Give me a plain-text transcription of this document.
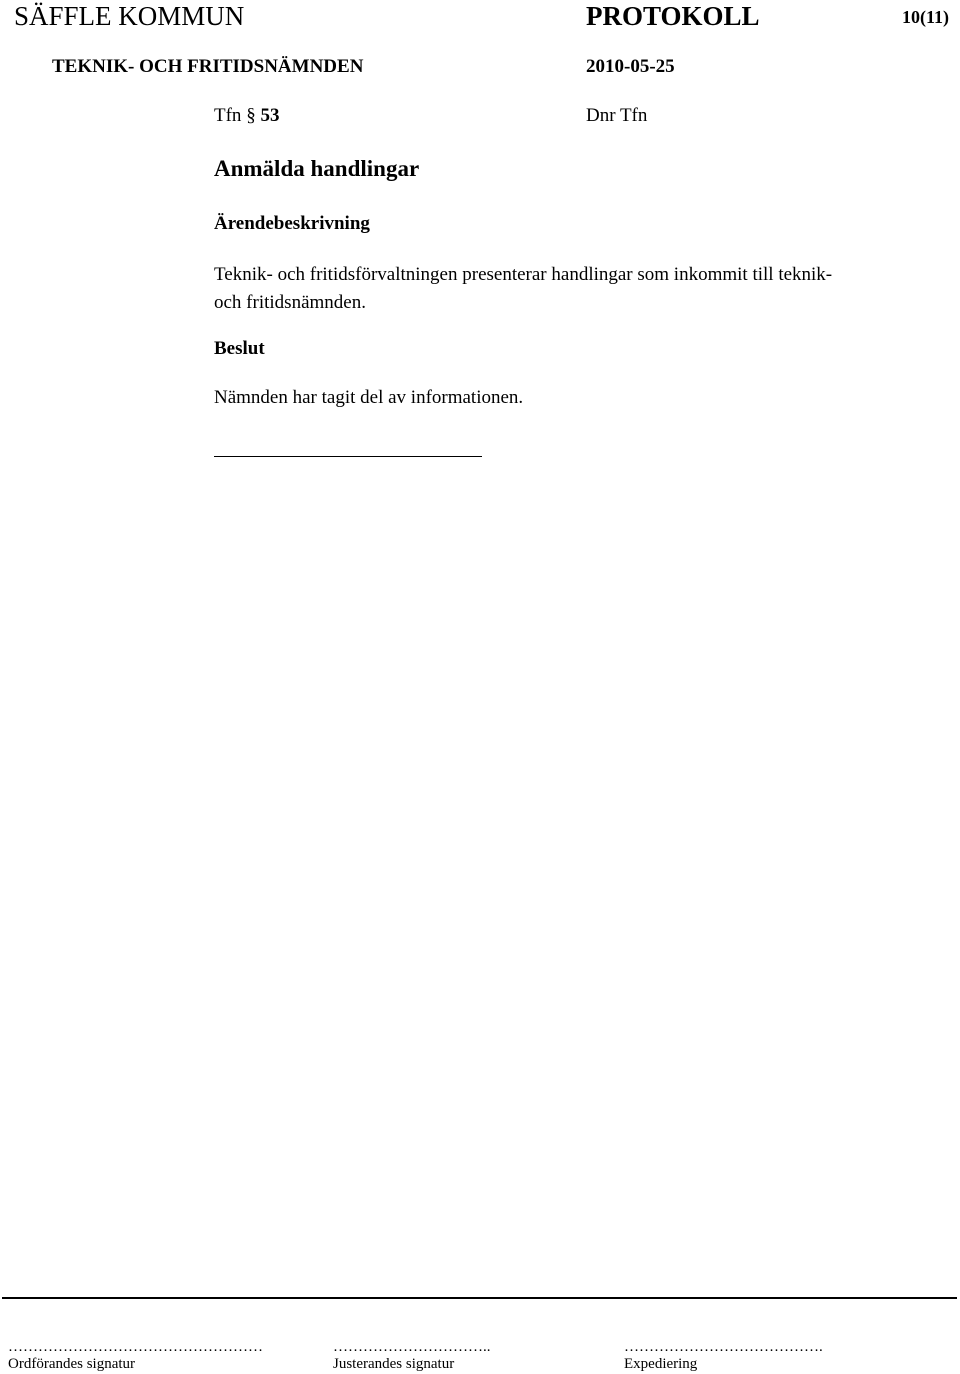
SÄFFLE KOMMUN	PROTOKOLL	10(11)
TEKNIK- OCH FRITIDSNÄMNDEN	2010-05-25
Tfn § 53	Dnr Tfn
Anmälda handlingar
Ärendebeskrivning
Teknik- och fritidsförvaltningen presenterar handlingar som inkommit till teknik-
och fritidsnämnden.
Beslut
Nämnden har tagit del av informationen.
……………………………………………	…………………………..	………………………………….
Ordförandes signatur	Justerandes signatur	Expediering
